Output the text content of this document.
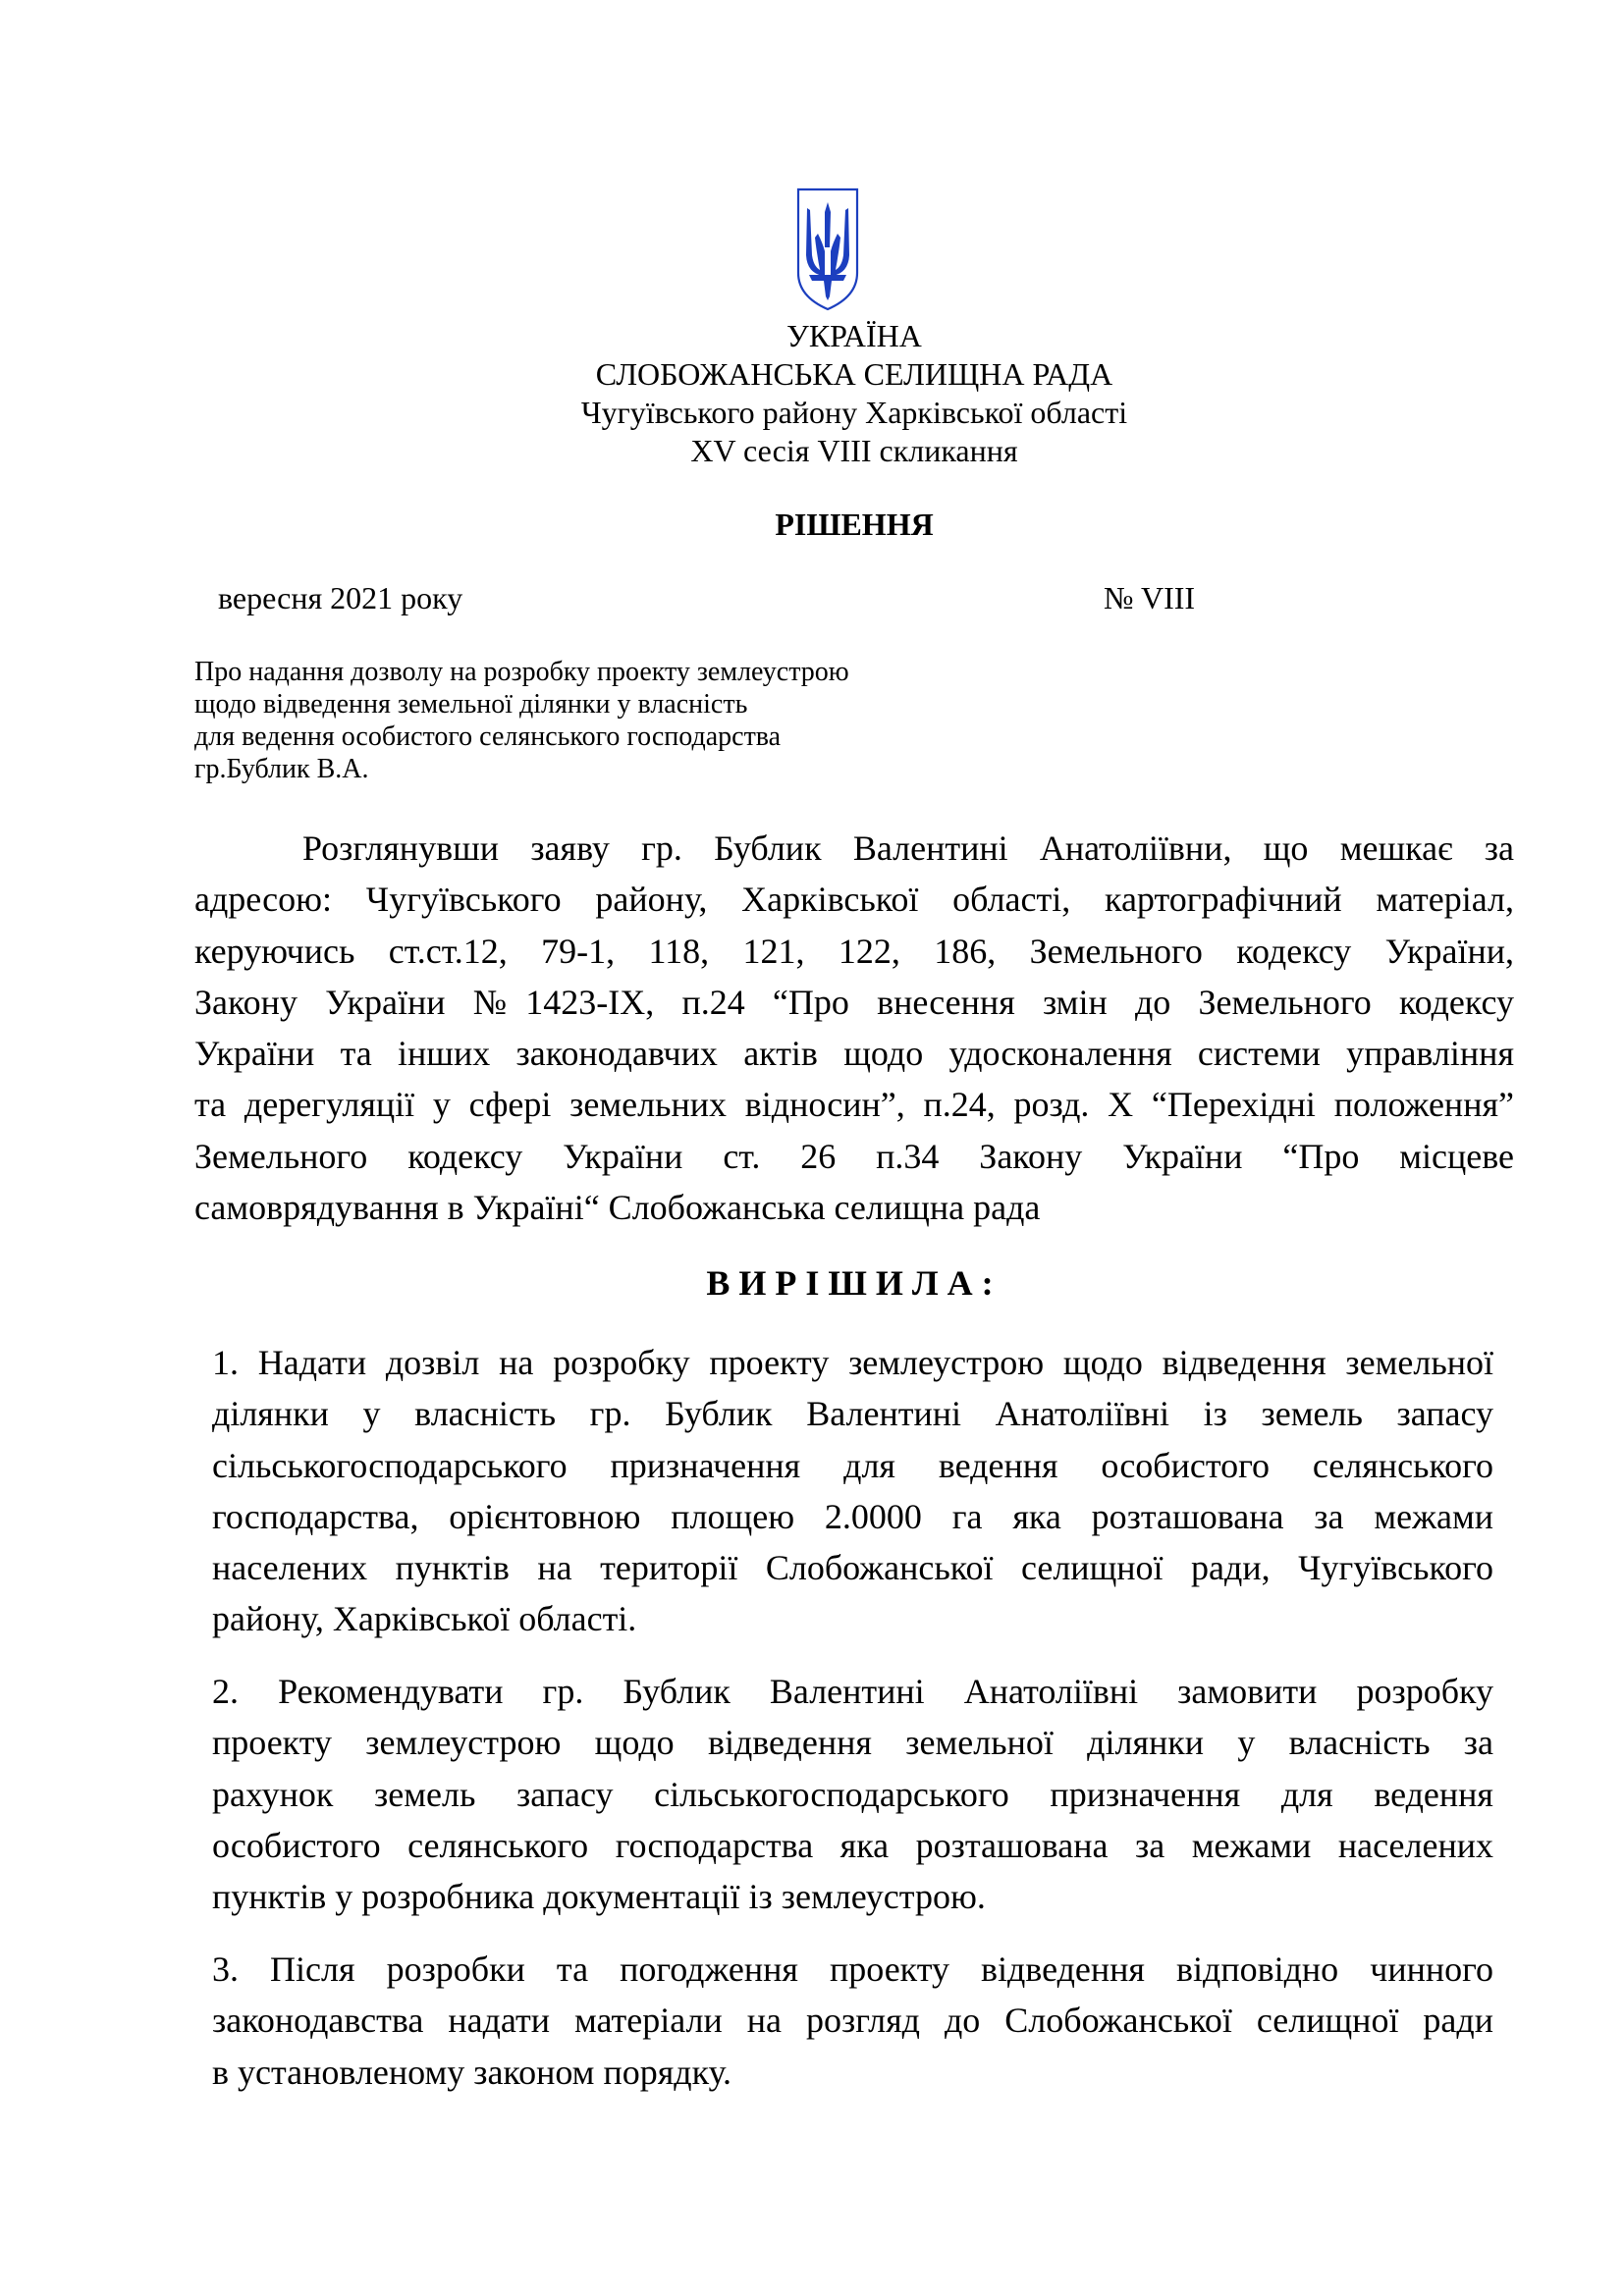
УКРАЇНА
СЛОБОЖАНСЬКА СЕЛИЩНА РАДА
Чугуївського району Харківської області
XV сесія VIII скликання
РІШЕННЯ
вересня 2021 року	№ VIII
Про надання дозволу на розробку проекту землеустрою
щодо відведення земельної ділянки у власність
для ведення особистого селянського господарства
гр.Бублик В.А.
Розглянувши заяву гр. Бублик Валентині Анатоліївни, що мешкає за
адресою: Чугуївського району, Харківської області, картографічний матеріал,
керуючись ст.ст.12, 79-1, 118, 121, 122, 186, Земельного кодексу України,
Закону України №1423-IX, п.24 “Про внесення змін до Земельного кодексу
України та інших законодавчих актів щодо удосконалення системи управління
та дерегуляції у сфері земельних відносин”, п.24, розд. Х “Перехідні положення”
Земельного кодексу України ст. 26 п.34 Закону України “Про місцеве
самоврядування в Україні“ Слобожанська селищна рада
ВИРІШИЛА:
1. Надати дозвіл на розробку проекту землеустрою щодо відведення земельної
ділянки у власність гр. Бублик Валентині Анатоліївні із земель запасу
сільськогосподарського призначення для ведення особистого селянського
господарства, орієнтовною площею 2.0000 га яка розташована за межами
населених пунктів на території Слобожанської селищної ради, Чугуївського
району, Харківської області.
2. Рекомендувати гр. Бублик Валентині Анатоліївні замовити розробку
проекту землеустрою щодо відведення земельної ділянки у власність за
рахунок земель запасу сільськогосподарського призначення для ведення
особистого селянського господарства яка розташована за межами населених
пунктів у розробника документації із землеустрою.
3. Після розробки та погодження проекту відведення відповідно чинного
законодавства надати матеріали на розгляд до Слобожанської селищної ради
в установленому законом порядку.
